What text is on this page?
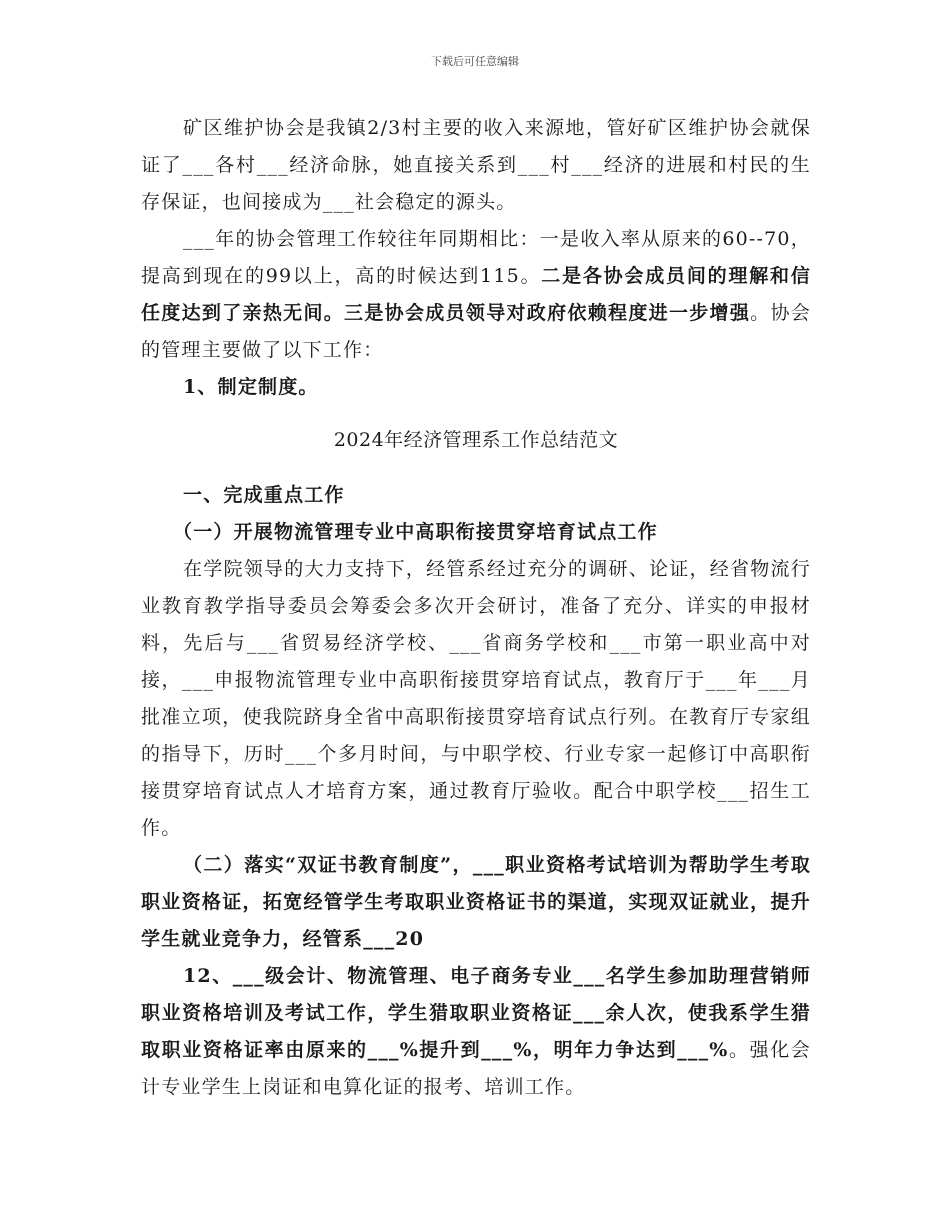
下载后可任意编辑

矿区维护协会是我镇2/3村主要的收入来源地，管好矿区维护协会就保证了___各村___经济命脉，她直接关系到___村___经济的进展和村民的生存保证，也间接成为___社会稳定的源头。

___年的协会管理工作较往年同期相比：一是收入率从原来的60--70，提高到现在的99以上，高的时候达到115。二是各协会成员间的理解和信任度达到了亲热无间。三是协会成员领导对政府依赖程度进一步增强。协会的管理主要做了以下工作：

1、制定制度。

2024年经济管理系工作总结范文

一、完成重点工作

（一）开展物流管理专业中高职衔接贯穿培育试点工作

在学院领导的大力支持下，经管系经过充分的调研、论证，经省物流行业教育教学指导委员会筹委会多次开会研讨，准备了充分、详实的申报材料，先后与___省贸易经济学校、___省商务学校和___市第一职业高中对接，___申报物流管理专业中高职衔接贯穿培育试点，教育厅于___年___月批准立项，使我院跻身全省中高职衔接贯穿培育试点行列。在教育厅专家组的指导下，历时___个多月时间，与中职学校、行业专家一起修订中高职衔接贯穿培育试点人才培育方案，通过教育厅验收。配合中职学校___招生工作。

（二）落实“双证书教育制度”，___职业资格考试培训为帮助学生考取职业资格证，拓宽经管学生考取职业资格证书的渠道，实现双证就业，提升学生就业竞争力，经管系___20

12、___级会计、物流管理、电子商务专业___名学生参加助理营销师职业资格培训及考试工作，学生猎取职业资格证___余人次，使我系学生猎取职业资格证率由原来的___%提升到___%，明年力争达到___%。强化会计专业学生上岗证和电算化证的报考、培训工作。
